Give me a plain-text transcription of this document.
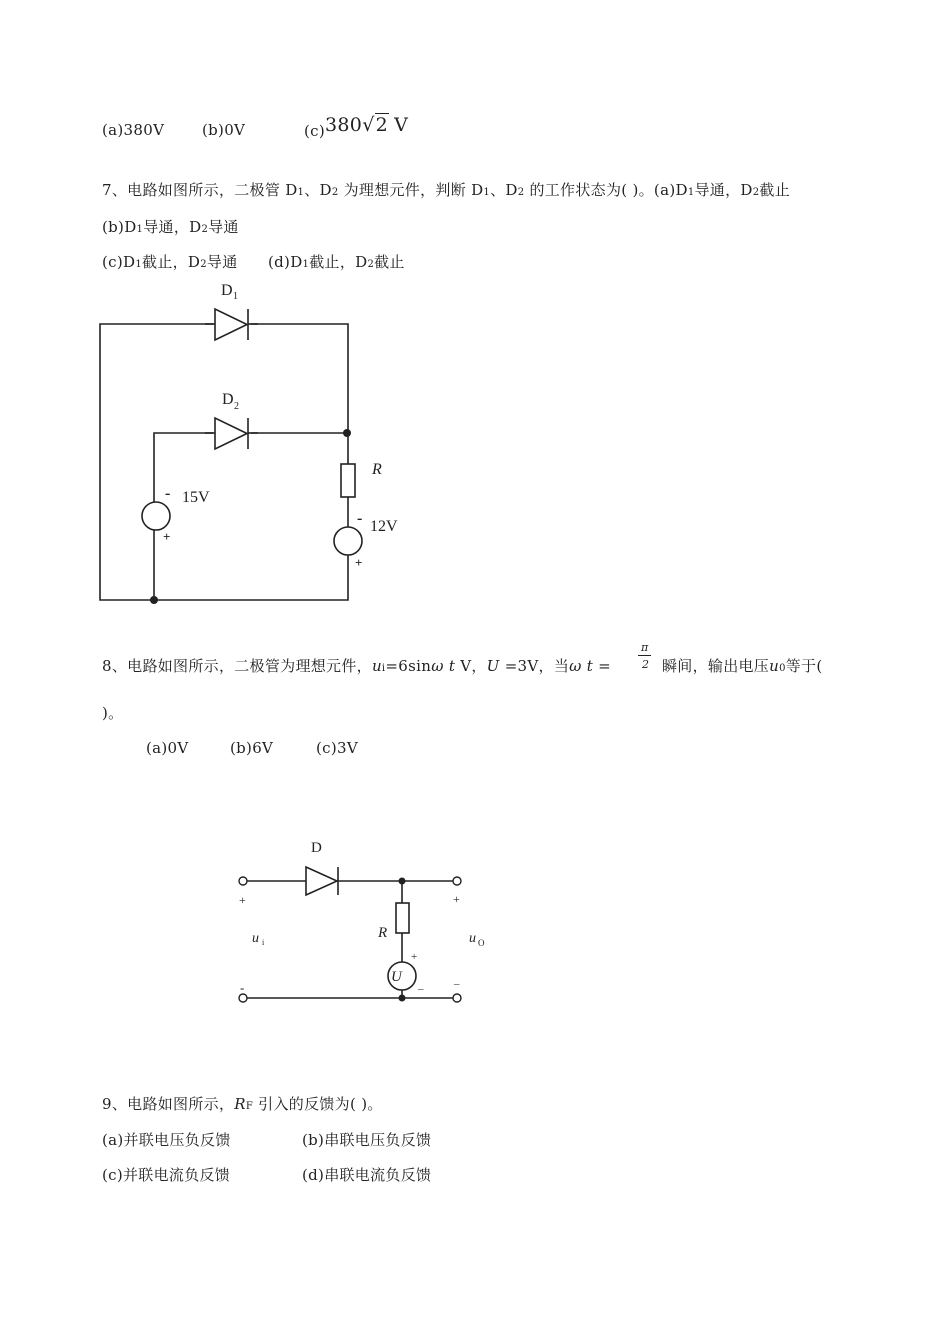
(a)380V	(b)0V	(c)380√2 V
7、电路如图所示，二极管 D1、D2 为理想元件，判断 D1、D2 的工作状态为( )。(a)D1导通，D2截止
(b)D1导通，D2导通
(c)D1截止，D2导通 (d)D1截止，D2截止
D 1
D 2
R
-
+
15V
-
+
12V
8、电路如图所示，二极管为理想元件，ui=6sinω t V，U =3V，当ω t =
π
2 瞬间，输出电压u0等于(
)。
(a)0V	(b)6V	(c)3V
D
R
U
+
–
+
-
+
–
u i	u O
9、电路如图所示，RF 引入的反馈为( )。
(a)并联电压负反馈	(b)串联电压负反馈
(c)并联电流负反馈	(d)串联电流负反馈
